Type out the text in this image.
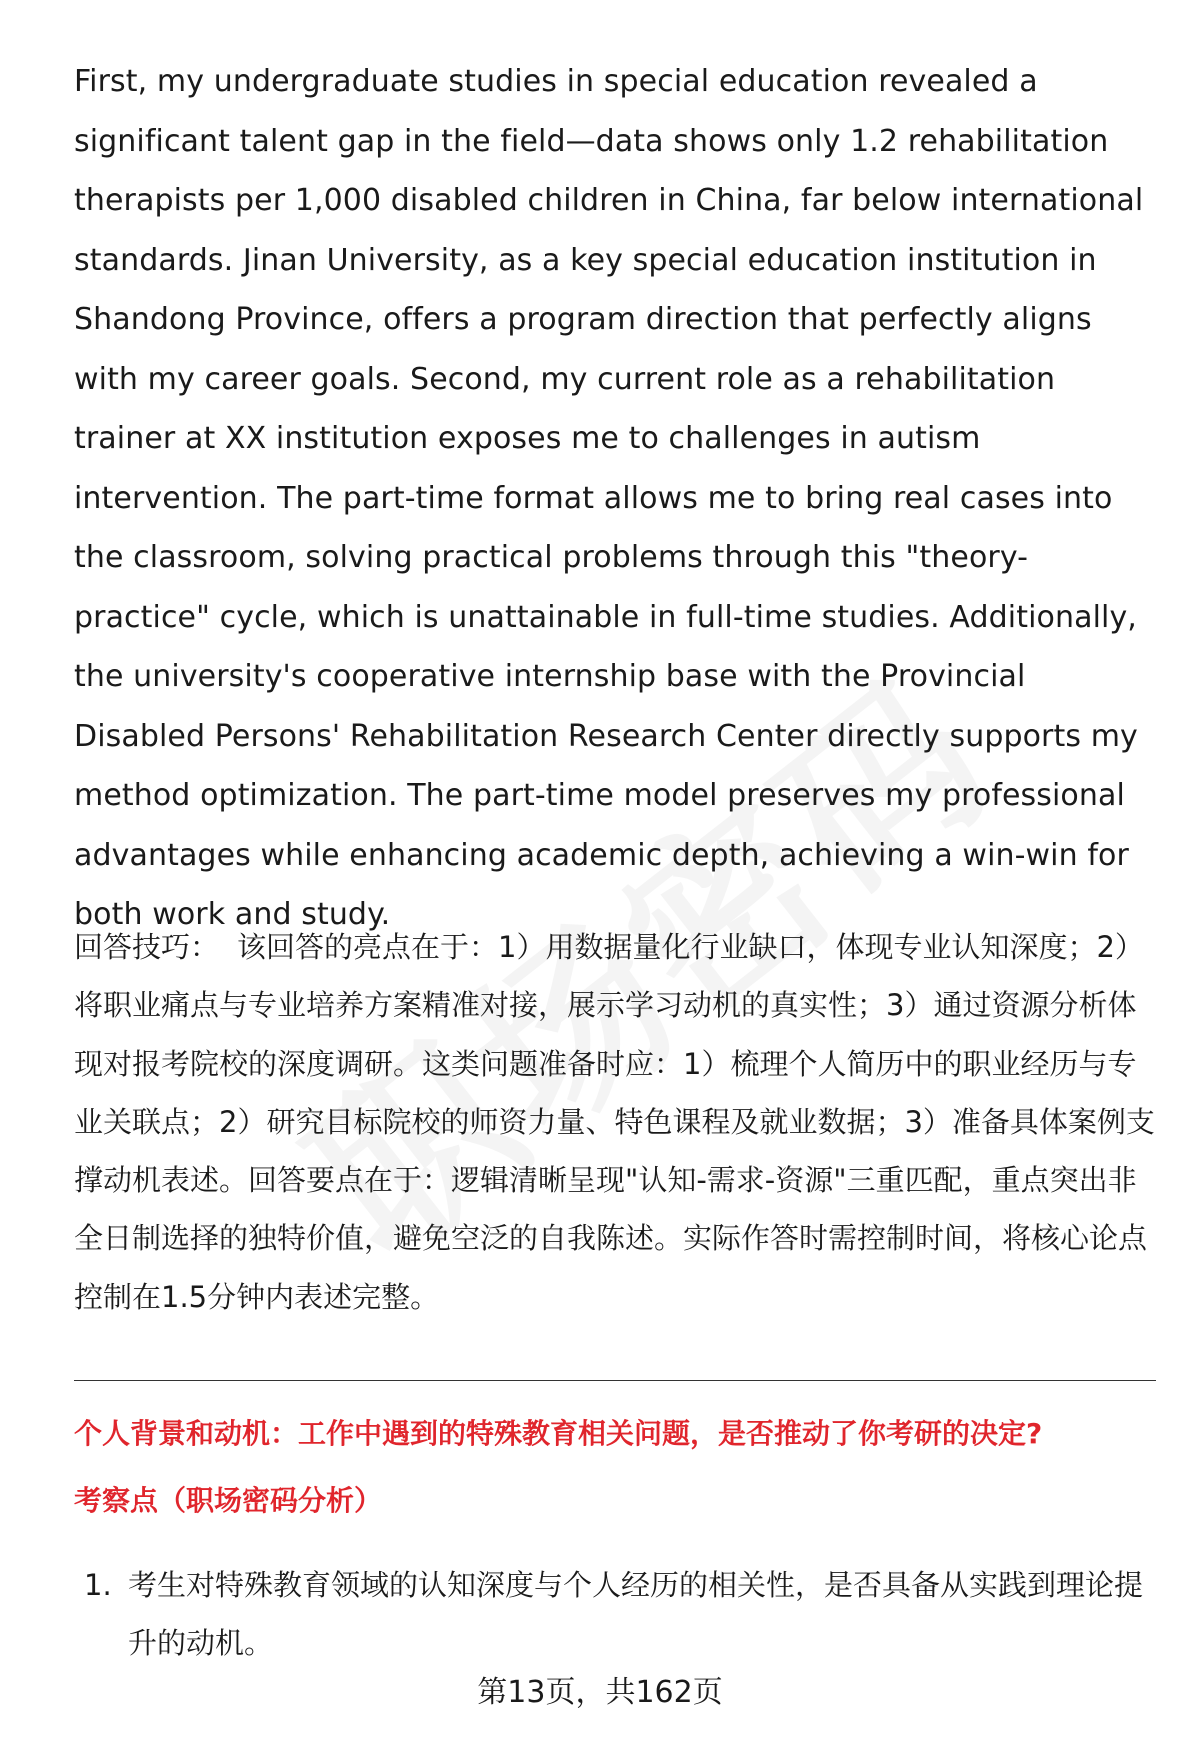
First, my undergraduate studies in special education revealed a significant talent gap in the field—data shows only 1.2 rehabilitation therapists per 1,000 disabled children in China, far below international standards. Jinan University, as a key special education institution in Shandong Province, offers a program direction that perfectly aligns with my career goals. Second, my current role as a rehabilitation trainer at XX institution exposes me to challenges in autism intervention. The part-time format allows me to bring real cases into the classroom, solving practical problems through this "theory-practice" cycle, which is unattainable in full-time studies. Additionally, the university's cooperative internship base with the Provincial Disabled Persons' Rehabilitation Research Center directly supports my method optimization. The part-time model preserves my professional advantages while enhancing academic depth, achieving a win-win for both work and study.

回答技巧： 该回答的亮点在于：1）用数据量化行业缺口，体现专业认知深度；2）将职业痛点与专业培养方案精准对接，展示学习动机的真实性；3）通过资源分析体现对报考院校的深度调研。这类问题准备时应：1）梳理个人简历中的职业经历与专业关联点；2）研究目标院校的师资力量、特色课程及就业数据；3）准备具体案例支撑动机表述。回答要点在于：逻辑清晰呈现"认知-需求-资源"三重匹配，重点突出非全日制选择的独特价值，避免空泛的自我陈述。实际作答时需控制时间，将核心论点控制在1.5分钟内表述完整。

个人背景和动机：工作中遇到的特殊教育相关问题，是否推动了你考研的决定?

考察点（职场密码分析）

1. 考生对特殊教育领域的认知深度与个人经历的相关性，是否具备从实践到理论提升的动机。
第13页，共162页
